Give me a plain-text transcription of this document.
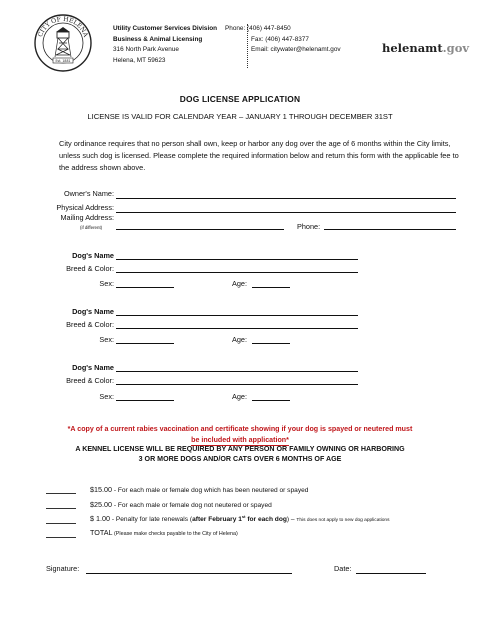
CITY OF HELENA
Est. 1881
Utility Customer Services Division
Business & Animal Licensing
316 North Park Avenue
Helena, MT 59623
Phone: (406) 447-8450
Fax: (406) 447-8377
Email: citywater@helenamt.gov	helenamt.gov
DOG LICENSE APPLICATION
LICENSE IS VALID FOR CALENDAR YEAR – JANUARY 1 THROUGH DECEMBER 31ST
City ordinance requires that no person shall own, keep or harbor any dog over the age of 6 months within the City limits, unless such dog is licensed. Please complete the required information below and return this form with the applicable fee to the address shown above.
Owner's Name:
Physical Address:
Mailing Address:
(if different)	Phone:
Dog's Name
Breed & Color:
Sex:	Age:
Dog's Name
Breed & Color:
Sex:	Age:
Dog's Name
Breed & Color:
Sex:	Age:
*A copy of a current rabies vaccination and certificate showing if your dog is spayed or neutered must
be included with application*
A KENNEL LICENSE WILL BE REQUIRED BY ANY PERSON OR FAMILY OWNING OR HARBORING
3 OR MORE DOGS AND/OR CATS OVER 6 MONTHS OF AGE
$15.00 - For each male or female dog which has been neutered or spayed
$25.00 - For each male or female dog not neutered or spayed
$ 1.00 - Penalty for late renewals (after February 1st for each dog) – This does not apply to new dog applications
TOTAL (Please make checks payable to the City of Helena)
Signature:	Date:
